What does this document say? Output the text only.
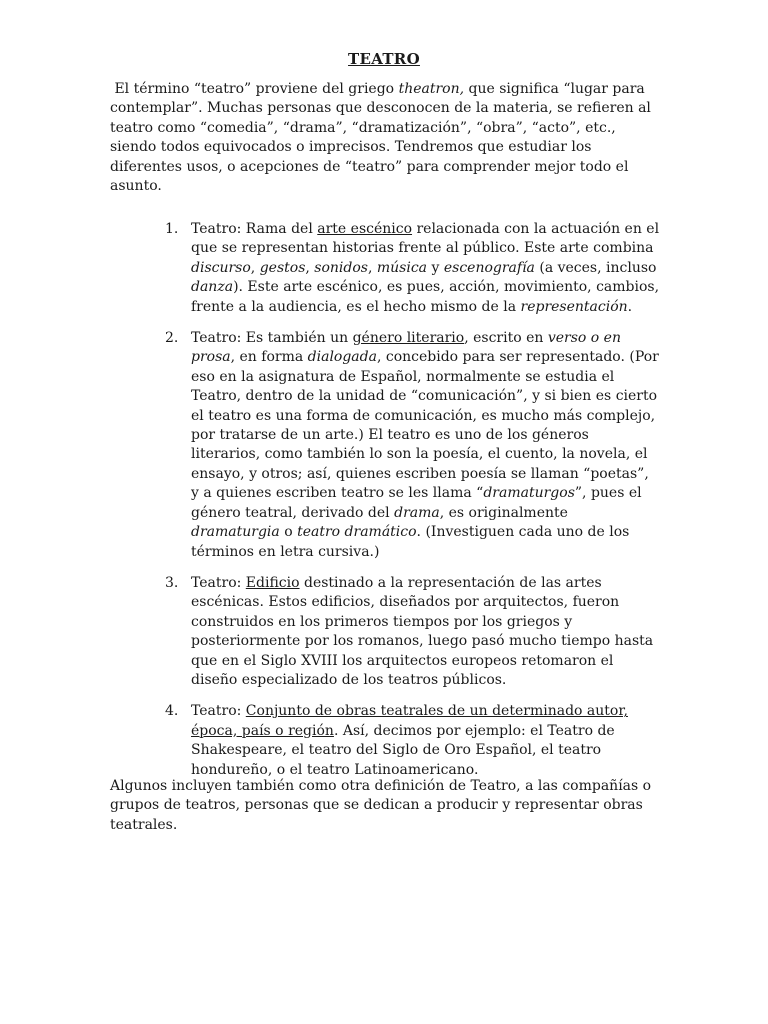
TEATRO

El término “teatro” proviene del griego theatron, que significa “lugar para contemplar”. Muchas personas que desconocen de la materia, se refieren al teatro como “comedia”, “drama”, “dramatización”, “obra”, “acto”, etc., siendo todos equivocados o imprecisos. Tendremos que estudiar los diferentes usos, o acepciones de “teatro” para comprender mejor todo el asunto.

1. Teatro: Rama del arte escénico relacionada con la actuación en el que se representan historias frente al público. Este arte combina discurso, gestos, sonidos, música y escenografía (a veces, incluso danza). Este arte escénico, es pues, acción, movimiento, cambios, frente a la audiencia, es el hecho mismo de la representación.
2. Teatro: Es también un género literario, escrito en verso o en prosa, en forma dialogada, concebido para ser representado. (Por eso en la asignatura de Español, normalmente se estudia el Teatro, dentro de la unidad de “comunicación”, y si bien es cierto el teatro es una forma de comunicación, es mucho más complejo, por tratarse de un arte.) El teatro es uno de los géneros literarios, como también lo son la poesía, el cuento, la novela, el ensayo, y otros; así, quienes escriben poesía se llaman “poetas”, y a quienes escriben teatro se les llama “dramaturgos”, pues el género teatral, derivado del drama, es originalmente dramaturgia o teatro dramático. (Investiguen cada uno de los términos en letra cursiva.)
3. Teatro: Edificio destinado a la representación de las artes escénicas. Estos edificios, diseñados por arquitectos, fueron construidos en los primeros tiempos por los griegos y posteriormente por los romanos, luego pasó mucho tiempo hasta que en el Siglo XVIII los arquitectos europeos retomaron el diseño especializado de los teatros públicos.
4. Teatro: Conjunto de obras teatrales de un determinado autor, época, país o región. Así, decimos por ejemplo: el Teatro de Shakespeare, el teatro del Siglo de Oro Español, el teatro hondureño, o el teatro Latinoamericano.

Algunos incluyen también como otra definición de Teatro, a las compañías o grupos de teatros, personas que se dedican a producir y representar obras teatrales.
